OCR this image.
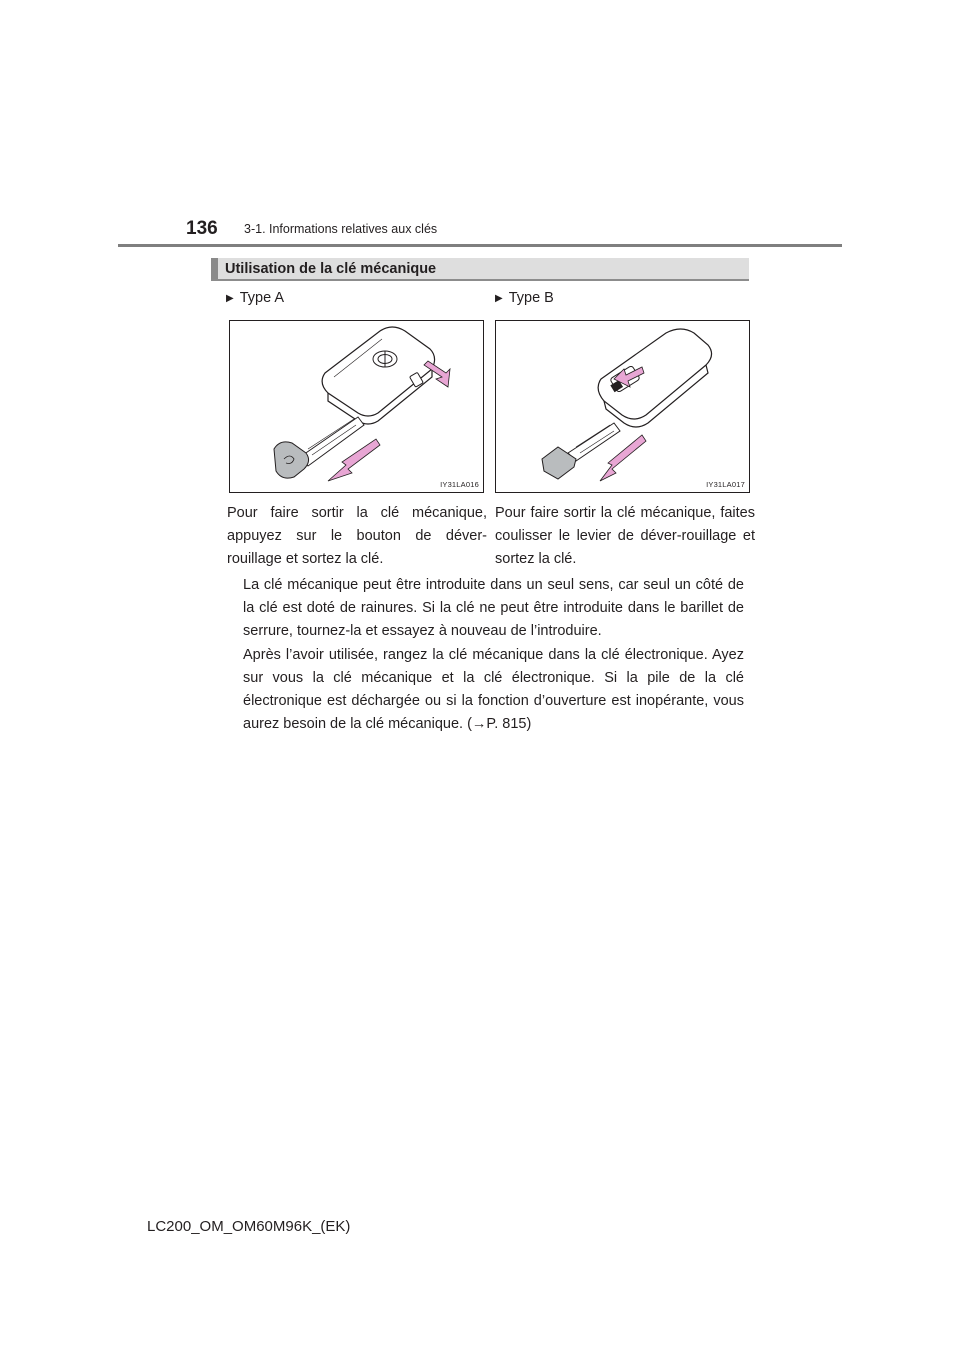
136 3-1. Informations relatives aux clés
Utilisation de la clé mécanique
▶ Type A	▶ Type B
IY31LA016	IY31LA017

Pour faire sortir la clé mécanique, appuyez sur le bouton de déver-rouillage et sortez la clé.

Pour faire sortir la clé mécanique, faites coulisser le levier de déver-rouillage et sortez la clé.

La clé mécanique peut être introduite dans un seul sens, car seul un côté de la clé est doté de rainures. Si la clé ne peut être introduite dans le barillet de serrure, tournez-la et essayez à nouveau de l’introduire.

Après l’avoir utilisée, rangez la clé mécanique dans la clé électronique. Ayez sur vous la clé mécanique et la clé électronique. Si la pile de la clé électronique est déchargée ou si la fonction d’ouverture est inopérante, vous aurez besoin de la clé mécanique. (→P. 815)

LC200_OM_OM60M96K_(EK)
